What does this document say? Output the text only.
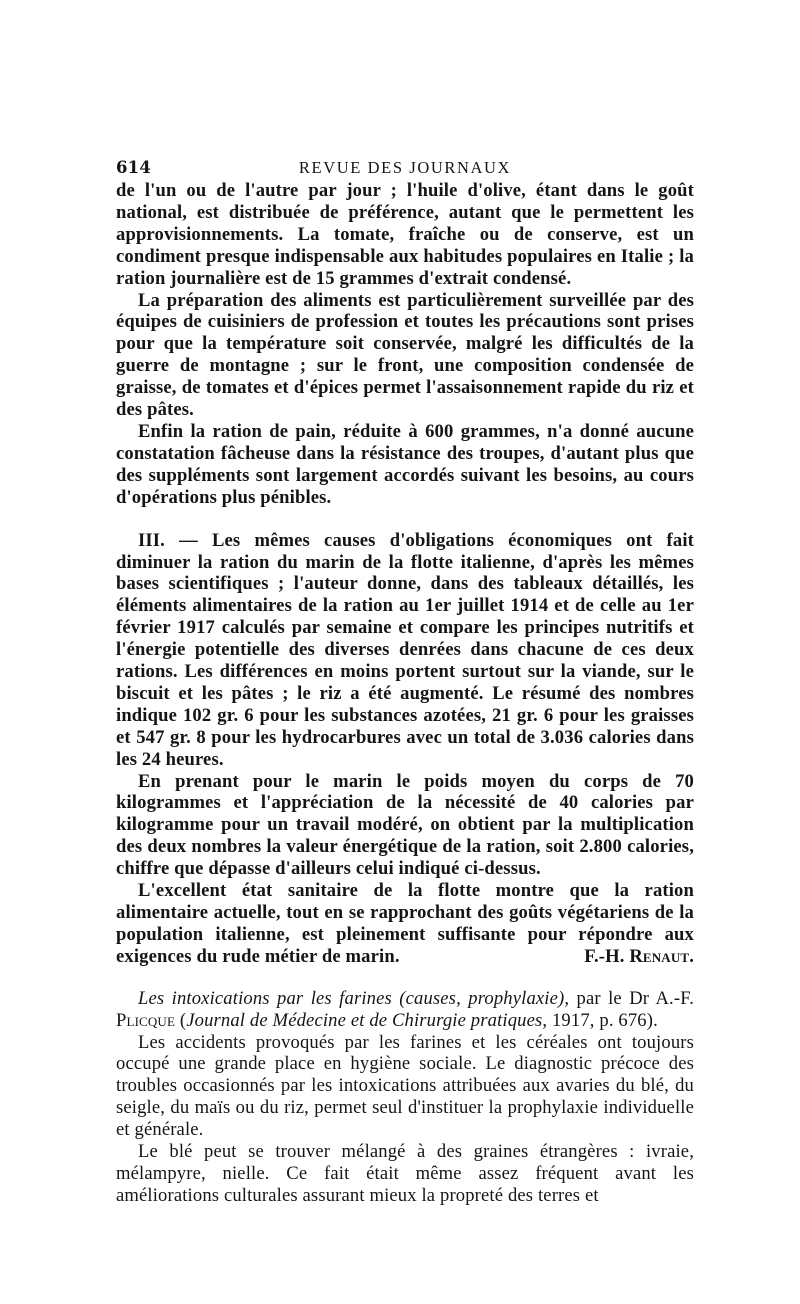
614	REVUE DES JOURNAUX

de l'un ou de l'autre par jour ; l'huile d'olive, étant dans le goût national, est distribuée de préférence, autant que le permettent les approvisionnements. La tomate, fraîche ou de conserve, est un condiment presque indispensable aux habitudes populaires en Italie ; la ration journalière est de 15 grammes d'extrait condensé.

La préparation des aliments est particulièrement surveillée par des équipes de cuisiniers de profession et toutes les précautions sont prises pour que la température soit conservée, malgré les difficultés de la guerre de montagne ; sur le front, une composition condensée de graisse, de tomates et d'épices permet l'assaisonnement rapide du riz et des pâtes.

Enfin la ration de pain, réduite à 600 grammes, n'a donné aucune constatation fâcheuse dans la résistance des troupes, d'autant plus que des suppléments sont largement accordés suivant les besoins, au cours d'opérations plus pénibles.

III. — Les mêmes causes d'obligations économiques ont fait diminuer la ration du marin de la flotte italienne, d'après les mêmes bases scientifiques ; l'auteur donne, dans des tableaux détaillés, les éléments alimentaires de la ration au 1er juillet 1914 et de celle au 1er février 1917 calculés par semaine et compare les principes nutritifs et l'énergie potentielle des diverses denrées dans chacune de ces deux rations. Les différences en moins portent surtout sur la viande, sur le biscuit et les pâtes ; le riz a été augmenté. Le résumé des nombres indique 102 gr. 6 pour les substances azotées, 21 gr. 6 pour les graisses et 547 gr. 8 pour les hydrocarbures avec un total de 3.036 calories dans les 24 heures.

En prenant pour le marin le poids moyen du corps de 70 kilogrammes et l'appréciation de la nécessité de 40 calories par kilogramme pour un travail modéré, on obtient par la multiplication des deux nombres la valeur énergétique de la ration, soit 2.800 calories, chiffre que dépasse d'ailleurs celui indiqué ci-dessus.

L'excellent état sanitaire de la flotte montre que la ration alimentaire actuelle, tout en se rapprochant des goûts végétariens de la population italienne, est pleinement suffisante pour répondre aux exigences du rude métier de marin.	F.-H. Renaut.

Les intoxications par les farines (causes, prophylaxie), par le Dr A.-F. Plicque (Journal de Médecine et de Chirurgie pratiques, 1917, p. 676).

Les accidents provoqués par les farines et les céréales ont toujours occupé une grande place en hygiène sociale. Le diagnostic précoce des troubles occasionnés par les intoxications attribuées aux avaries du blé, du seigle, du maïs ou du riz, permet seul d'instituer la prophylaxie individuelle et générale.

Le blé peut se trouver mélangé à des graines étrangères : ivraie, mélampyre, nielle. Ce fait était même assez fréquent avant les améliorations culturales assurant mieux la propreté des terres et
